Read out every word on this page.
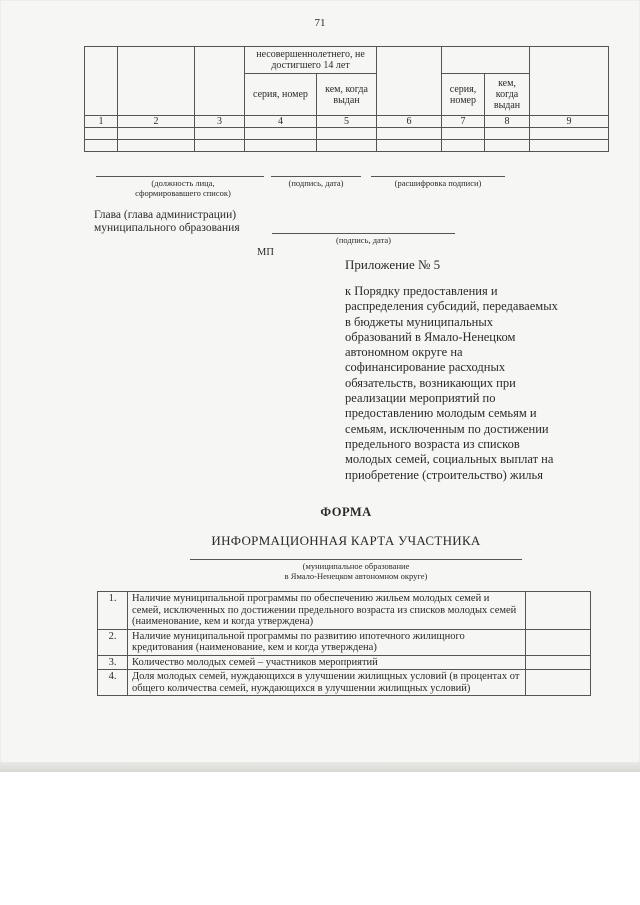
71
			несовершеннолетнего, не достигшего 14 лет					
			серия, номер	кем, когда выдан		серия, номер	кем, когда выдан	
1	2	3	4	5	6	7	8	9

(должность лица, сформировавшего список)
(подпись, дата)	(расшифровка подписи)
Глава (глава администрации)
муниципального образования
(подпись, дата)
МП
Приложение № 5
к Порядку предоставления и
распределения субсидий, передаваемых
в бюджеты муниципальных
образований в Ямало-Ненецком
автономном округе на
софинансирование расходных
обязательств, возникающих при
реализации мероприятий по
предоставлению молодым семьям и
семьям, исключенным по достижении
предельного возраста из списков
молодых семей, социальных выплат на
приобретение (строительство) жилья
ФОРМА
ИНФОРМАЦИОННАЯ КАРТА УЧАСТНИКА
(муниципальное образование
в Ямало-Ненецком автономном округе)
1.	Наличие муниципальной программы по обеспечению жильем молодых семей и семей, исключенных по достижении предельного возраста из списков молодых семей (наименование, кем и когда утверждена)	
2.	Наличие муниципальной программы по развитию ипотечного жилищного кредитования (наименование, кем и когда утверждена)	
3.	Количество молодых семей – участников мероприятий	
4.	Доля молодых семей, нуждающихся в улучшении жилищных условий (в процентах от общего количества семей, нуждающихся в улучшении жилищных условий)	
